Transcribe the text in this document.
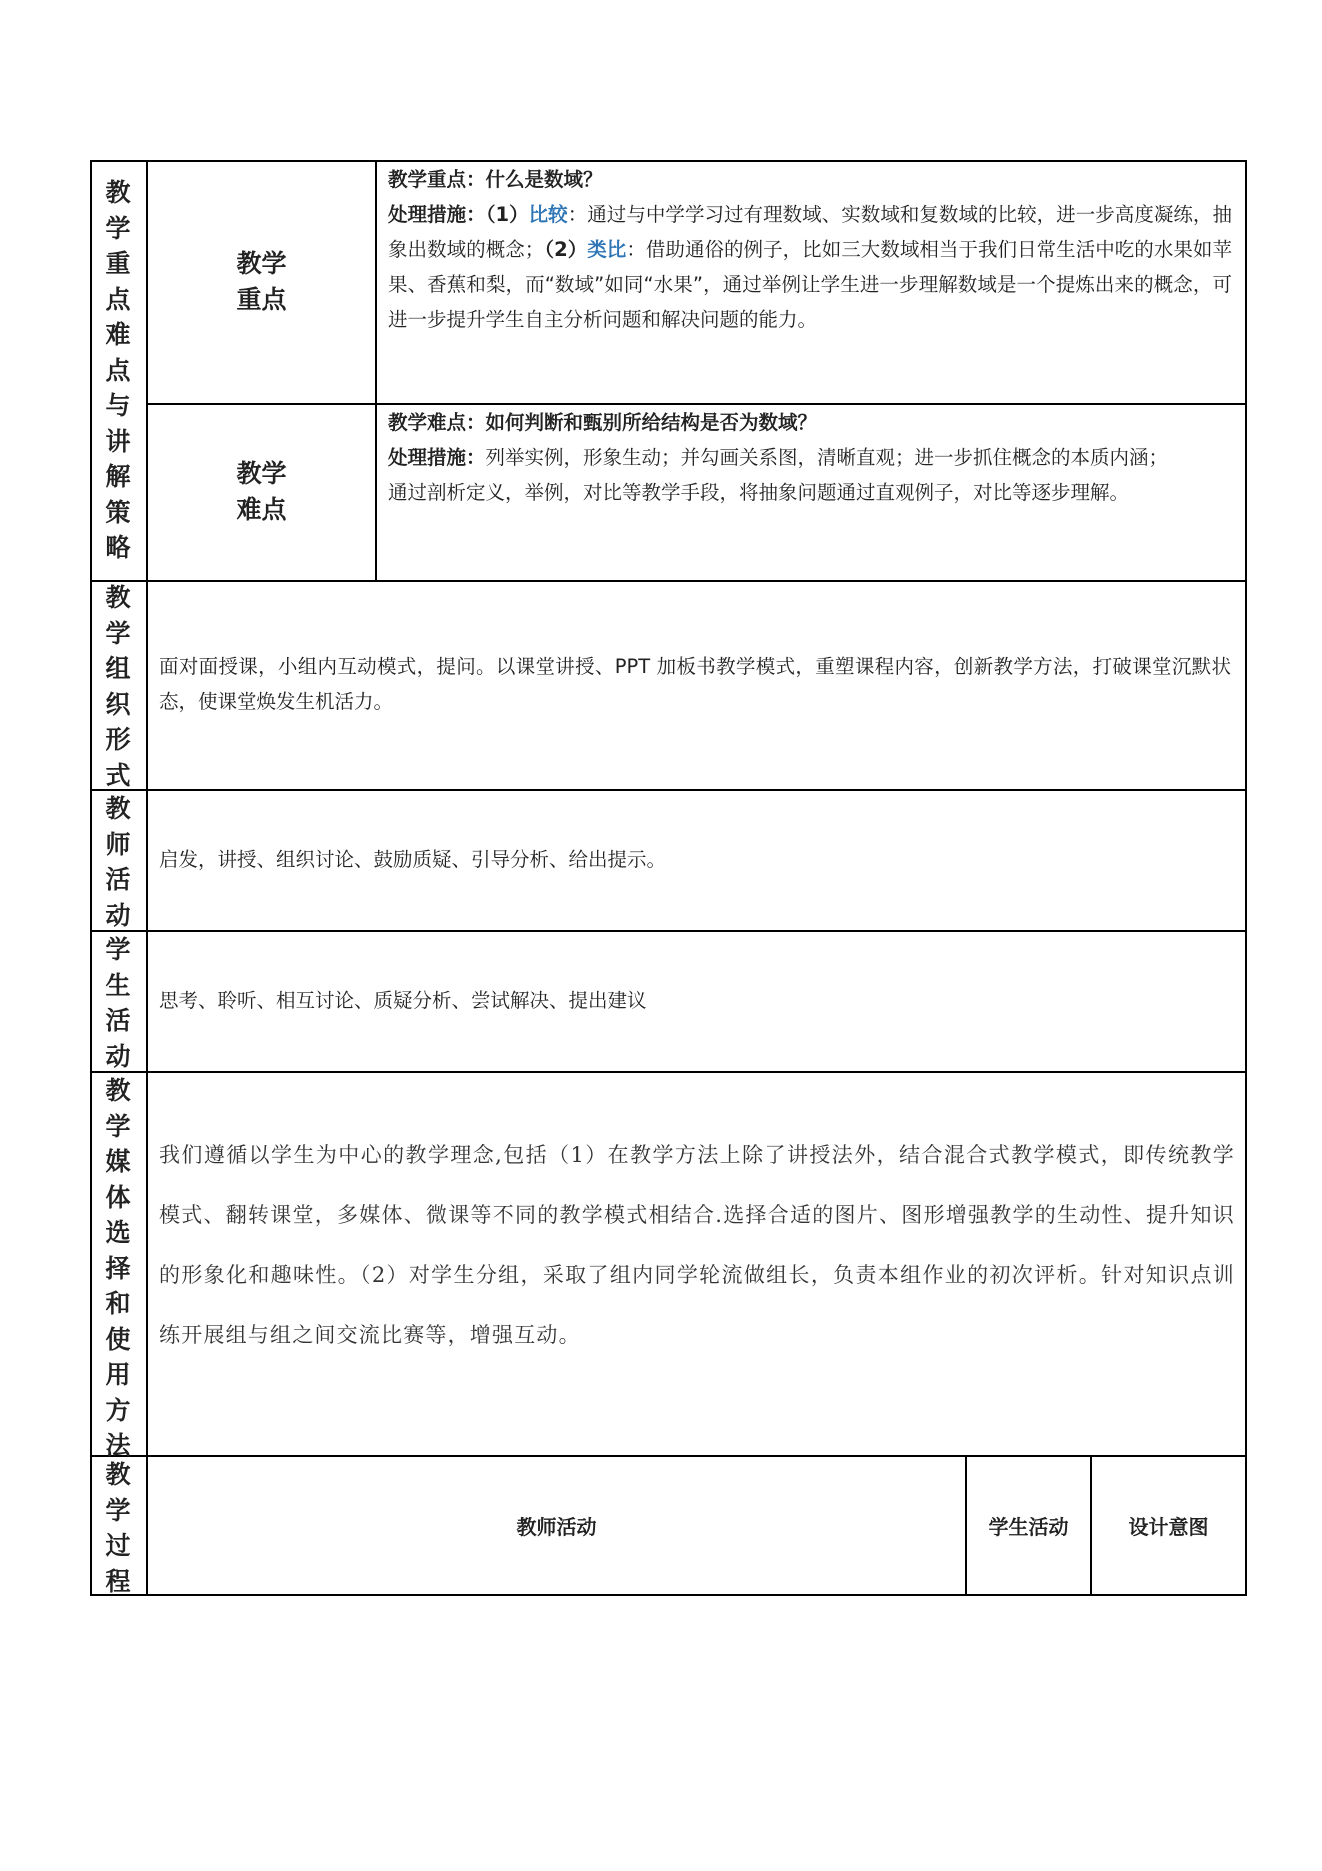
教学重点难点与讲解策略
教学
重点

教学重点：什么是数域？

处理措施：（1）比较：通过与中学学习过有理数域、实数域和复数域的比较，进一步高度凝练，抽象出数域的概念；（2）类比：借助通俗的例子，比如三大数域相当于我们日常生活中吃的水果如苹果、香蕉和梨，而“数域”如同“水果”，通过举例让学生进一步理解数域是一个提炼出来的概念，可进一步提升学生自主分析问题和解决问题的能力。

教学
难点

教学难点：如何判断和甄别所给结构是否为数域？

处理措施：列举实例，形象生动；并勾画关系图，清晰直观；进一步抓住概念的本质内涵；

通过剖析定义，举例，对比等教学手段，将抽象问题通过直观例子，对比等逐步理解。

教学组织形式
面对面授课，小组内互动模式，提问。以课堂讲授、PPT 加板书教学模式，重塑课程内容，创新教学方法，打破课堂沉默状态，使课堂焕发生机活力。
教师活动
启发，讲授、组织讨论、鼓励质疑、引导分析、给出提示。
学生活动
思考、聆听、相互讨论、质疑分析、尝试解决、提出建议
教学媒体选择和使用方法
我们遵循以学生为中心的教学理念,包括（1）在教学方法上除了讲授法外，结合混合式教学模式，即传统教学模式、翻转课堂，多媒体、微课等不同的教学模式相结合.选择合适的图片、图形增强教学的生动性、提升知识的形象化和趣味性。（2）对学生分组，采取了组内同学轮流做组长，负责本组作业的初次评析。针对知识点训练开展组与组之间交流比赛等，增强互动。
教学过程
教师活动	学生活动	设计意图
